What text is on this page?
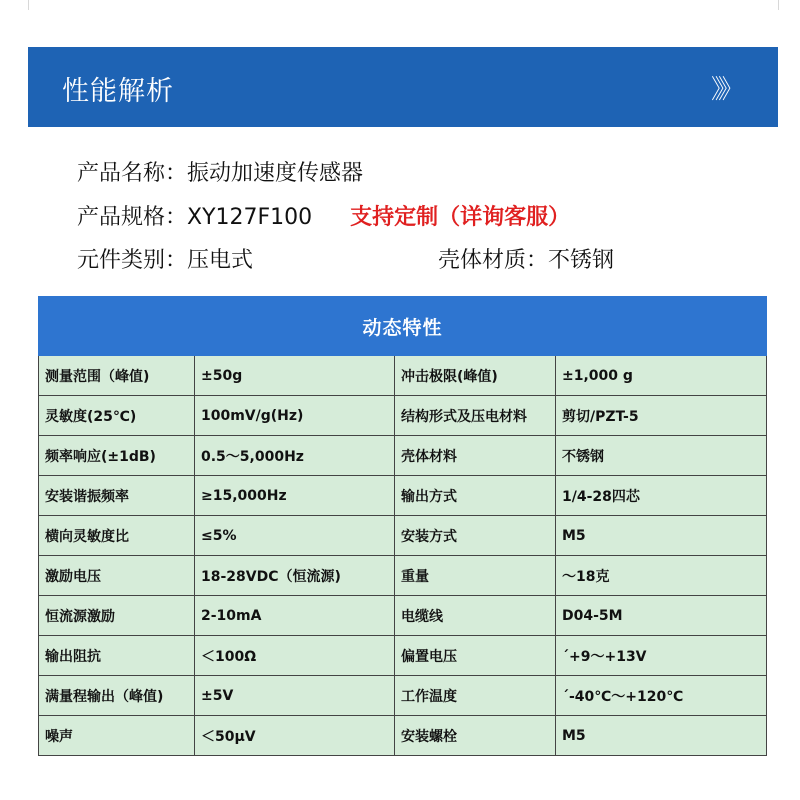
性能解析	》》
产品名称：振动加速度传感器
产品规格：XY127F100 支持定制（详询客服）
元件类别：压电式	壳体材质：不锈钢
动态特性			
测量范围（峰值)	±50g	冲击极限(峰值)	±1,000 g
灵敏度(25℃)	100mV/g(Hz)	结构形式及压电材料	剪切/PZT-5
频率响应(±1dB)	0.5～5,000Hz	壳体材料	不锈钢
安装谐振频率	≥15,000Hz	输出方式	1/4-28四芯
横向灵敏度比	≤5%	安装方式	M5
激励电压	18-28VDC（恒流源)	重量	～18克
恒流源激励	2-10mA	电缆线	D04-5M
输出阻抗	＜100Ω	偏置电压	´+9～+13V
满量程输出（峰值)	±5V	工作温度	´-40℃～+120℃
噪声	＜50μV	安装螺栓	M5
